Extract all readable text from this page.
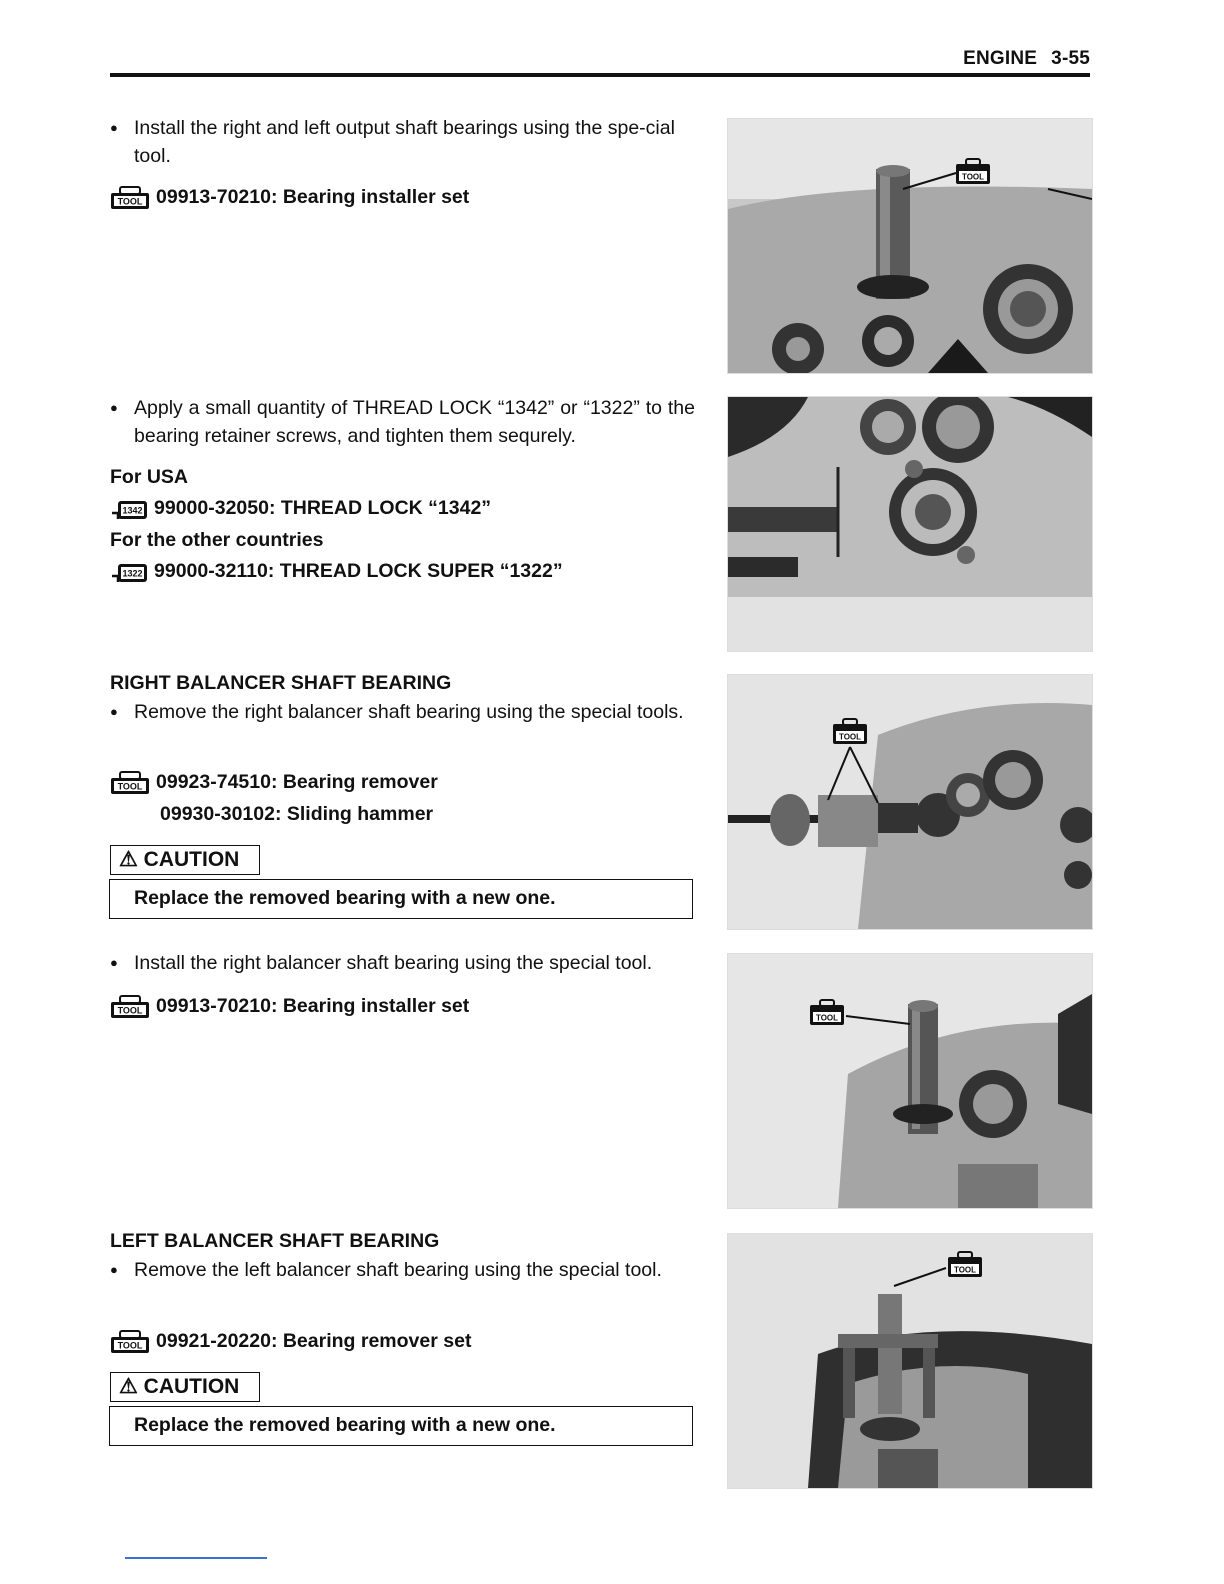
ENGINE 3-55
● Install the right and left output shaft bearings using the spe-cial tool.
TOOL 09913-70210: Bearing installer set
TOOL
● Apply a small quantity of THREAD LOCK “1342” or “1322” to the bearing retainer screws, and tighten them sequrely.
For USA
1342 99000-32050: THREAD LOCK “1342”
For the other countries
1322 99000-32110: THREAD LOCK SUPER “1322”
RIGHT BALANCER SHAFT BEARING
● Remove the right balancer shaft bearing using the special tools.
TOOL 09923-74510: Bearing remover
09930-30102: Sliding hammer
⚠ CAUTION
Replace the removed bearing with a new one.
TOOL
● Install the right balancer shaft bearing using the special tool.
TOOL 09913-70210: Bearing installer set
TOOL
LEFT BALANCER SHAFT BEARING
● Remove the left balancer shaft bearing using the special tool.
TOOL 09921-20220: Bearing remover set
⚠ CAUTION
Replace the removed bearing with a new one.
TOOL
